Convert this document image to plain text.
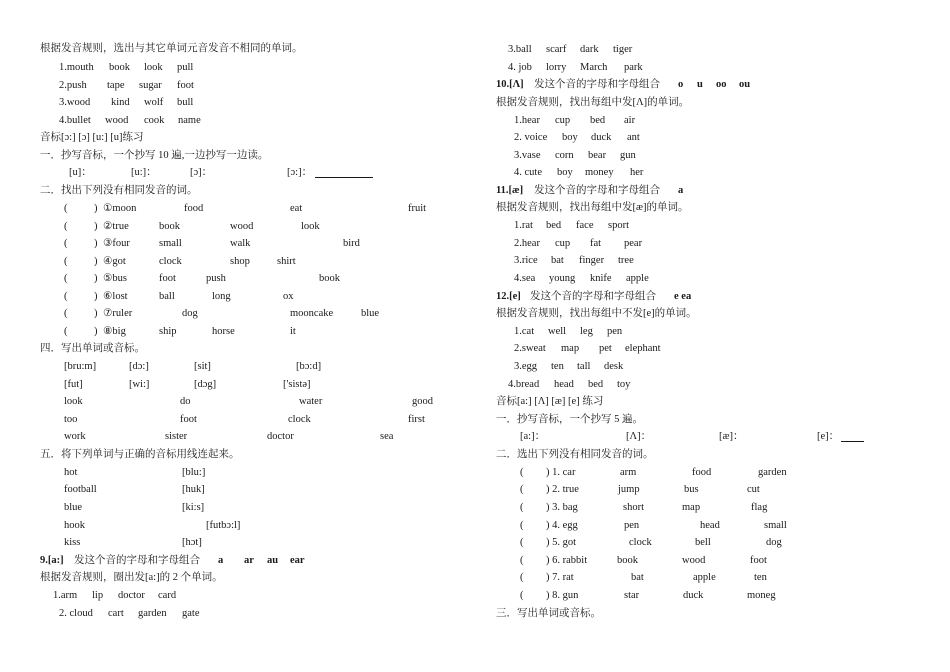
根据发音规则，选出与其它单词元音发音不相同的单词。
1.mouth book look pull
2.push tape sugar foot
3.wood kind wolf bull
4.bullet wood cook name
音标[ɔ:] [ɔ] [u:] [u]练习
一．抄写音标，一个抄写 10 遍,一边抄写一边读。
[u]：	[u:]：	[ɔ]：	[ɔ:]：
二．找出下列没有相同发音的词。
(	) ①moon	food	eat	fruit
(	) ②true	book	wood	look
(	) ③four	small	walk	bird
(	) ④got	clock	shop	shirt
(	) ⑤bus	foot	push	book
(	) ⑥lost	ball	long	ox
(	) ⑦ruler	dog	mooncake	blue
(	) ⑧big	ship	horse	it
四．写出单词或音标。
[bru:m]	[dɔ:]	[sit]	[bɔ:d]
[fut]	[wi:]	[dɔg]	['sistə]
look	do	water	good
too	foot	clock	first
work	sister	doctor	sea
五．将下列单词与正确的音标用线连起来。
hot	[blu:]
football	[huk]
blue	[ki:s]
hook	[futbɔ:l]
kiss	[hɔt]
9.[a:] 发这个音的字母和字母组合 a ar au ear
根据发音规则，圈出发[a:]的 2 个单词。
1.arm lip doctor card
2. cloud cart garden gate
3.ball scarf dark tiger
4. job lorry March park
10.[Λ] 发这个音的字母和字母组合 o u oo ou
根据发音规则，找出每组中发[Λ]的单词。
1.hear cup bed air
2. voice boy duck ant
3.vase corn bear gun
4. cute boy money her
11.[æ] 发这个音的字母和字母组合 a
根据发音规则，找出每组中发[æ]的单词。
1.rat bed face sport
2.hear cup fat pear
3.rice bat finger tree
4.sea young knife apple
12.[e] 发这个音的字母和字母组合 e ea
根据发音规则，找出每组中不发[e]的单词。
1.cat well leg pen
2.sweat map pet elephant
3.egg ten tall desk
4.bread head bed toy
音标[a:] [Λ] [æ] [e] 练习
一．抄写音标，一个抄写 5 遍。
[a:]：	[Λ]：	[æ]：	[e]：
二．选出下列没有相同发音的词。
( ) 1. car	arm	food	garden
( ) 2. true	jump	bus	cut
( ) 3. bag	short	map	flag
( ) 4. egg	pen	head	small
( ) 5. got	clock	bell	dog
( ) 6. rabbit	book	wood	foot
( ) 7. rat	bat	apple	ten
( ) 8. gun	star	duck	moneg
三．写出单词或音标。
